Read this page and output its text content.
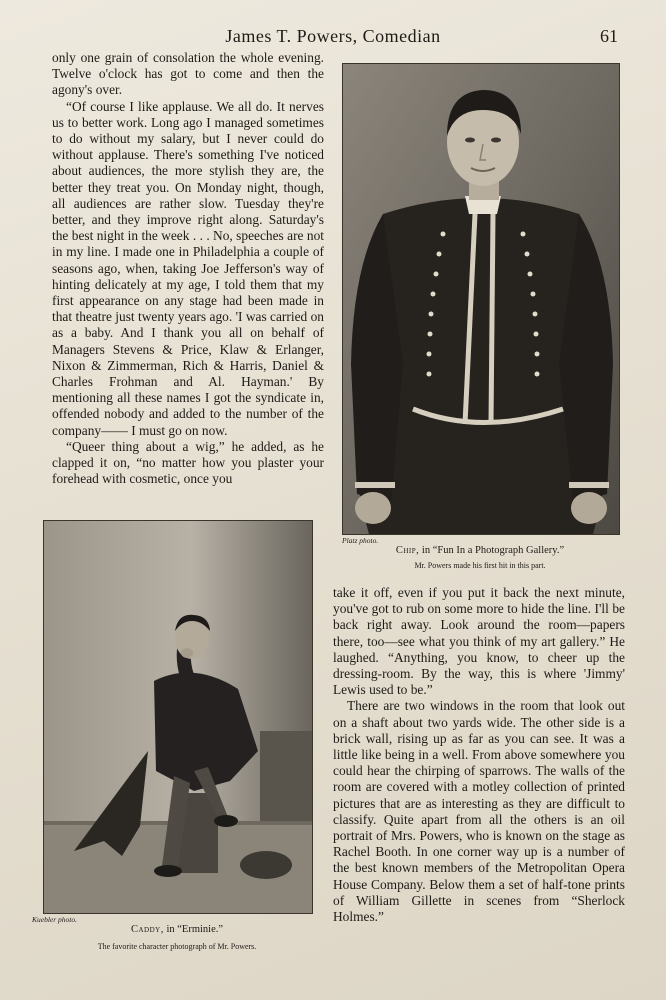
James T. Powers, Comedian	61

only one grain of consolation the whole evening. Twelve o'clock has got to come and then the agony's over.

“Of course I like applause. We all do. It nerves us to better work. Long ago I managed sometimes to do without my salary, but I never could do without applause. There's something I've noticed about audiences, the more stylish they are, the better they treat you. On Monday night, though, all audiences are rather slow. Tuesday they're better, and they improve right along. Saturday's the best night in the week . . . No, speeches are not in my line. I made one in Philadelphia a couple of seasons ago, when, taking Joe Jefferson's way of hinting delicately at my age, I told them that my first appearance on any stage had been made in that theatre just twenty years ago. 'I was carried on as a baby. And I thank you all on behalf of Managers Stevens & Price, Klaw & Erlanger, Nixon & Zimmerman, Rich & Harris, Daniel & Charles Frohman and Al. Hayman.' By mentioning all these names I got the syndicate in, offended nobody and added to the number of the company—— I must go on now.

“Queer thing about a wig,” he added, as he clapped it on, “no matter how you plaster your forehead with cosmetic, once you

Platz photo.
Chip, in “Fun In a Photograph Gallery.”
Mr. Powers made his first hit in this part.
Kuebler photo.
Caddy, in “Erminie.”
The favorite character photograph of Mr. Powers.

take it off, even if you put it back the next minute, you've got to rub on some more to hide the line. I'll be back right away. Look around the room—papers there, too—see what you think of my art gallery.” He laughed. “Anything, you know, to cheer up the dressing-room. By the way, this is where 'Jimmy' Lewis used to be.”

There are two windows in the room that look out on a shaft about two yards wide. The other side is a brick wall, rising up as far as you can see. It was a little like being in a well. From above somewhere you could hear the chirping of sparrows. The walls of the room are covered with a motley collection of printed pictures that are as interesting as they are difficult to classify. Quite apart from all the others is an oil portrait of Mrs. Powers, who is known on the stage as Rachel Booth. In one corner way up is a number of the best known members of the Metropolitan Opera House Company. Below them a set of half-tone prints of William Gillette in scenes from “Sherlock Holmes.”
